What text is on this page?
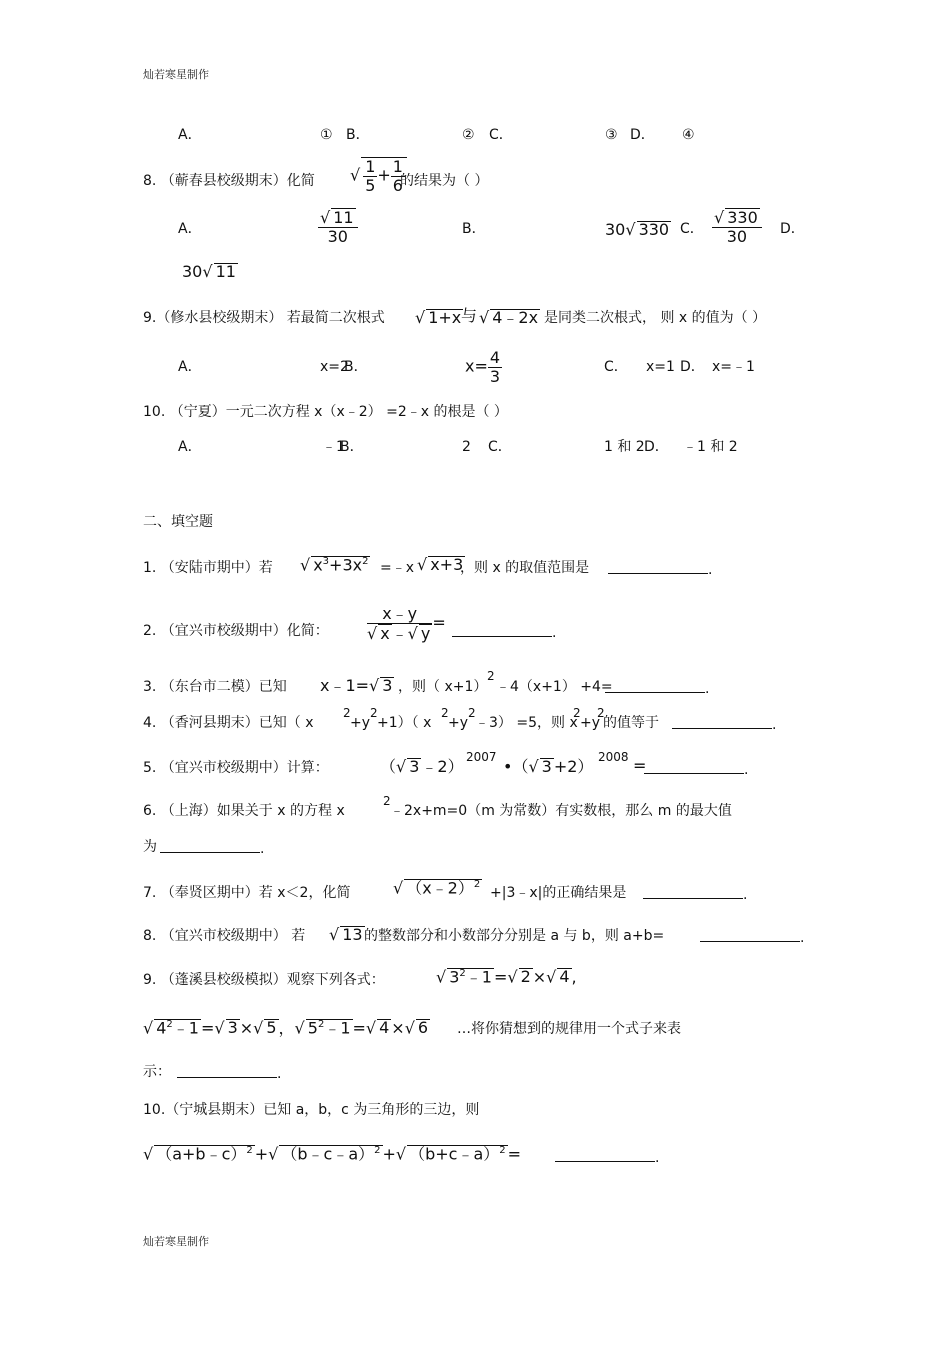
灿若寒星制作
A．	① B．	② C．	③ D． ④
8. （蕲春县校级期末）化简 √ $\frac{1}{5} + \frac{1}{6}$
的结果为（ ）
A．	$\frac{√ 11}{30}$	B．	30√ 330 C． $\frac{√ 330}{30}$ D．
30√ 11
9.（修水县校级期末） 若最简二次根式 √ 1+x 与 √ 4﹣2x 是同类二次根式， 则 x 的值为（ ）
A．	x=2
B．	$x= \frac{4}{3}$	C． x=1 D． x=﹣1
10. （宁夏）一元二次方程 x（x﹣2） =2﹣x 的根是（ ）
A．	﹣1
B．	2 C．	1 和 2 D． ﹣1 和 2
二、填空题
1. （安陆市期中）若 √ $x^3+3x^2$ =﹣x √ x+3
，则 x 的取值范围是	.
2. （宜兴市校级期中）化简： $\frac{x﹣y}{√ x ﹣√ y}$ =
.
3. （东台市二模）已知 x﹣1=√ 3 ，则（ x+1）
2
﹣4（x+1） +4=	.
4. （香河县期末）已知（ x
2
+y
2
+1）（ x
2
+y
2
﹣3） =5，则 x
2
+y
2
的值等于	.
5. （宜兴市校级期中）计算：	（√ 3 ﹣2） 2007 •（√ 3 +2） 2008 =	.
6. （上海）如果关于 x 的方程 x
2
﹣2x+m=0（m 为常数）有实数根，那么 m 的最大值
为	.
7. （奉贤区期中）若 x＜2，化简	√ （x﹣2）$^2$
+|3﹣x|的正确结果是	.
8. （宜兴市校级期中） 若 √ 13 的整数部分和小数部分分别是 a 与 b，则 a+b=	.
9. （蓬溪县校级模拟）观察下列各式：	√ $3^2﹣1$ =√ 2 ×√ 4 ,
√ $4^2﹣1$ =√ 3 ×√ 5 ，√ $5^2﹣1$ =√ 4 ×√ 6 …将你猜想到的规律用一个式子来表
示：	.
10.（宁城县期末）已知 a，b，c 为三角形的三边，则
√ （a+b﹣c）$^2$ +√ （b﹣c﹣a）$^2$ +√ （b+c﹣a）$^2$ =	.
灿若寒星制作
